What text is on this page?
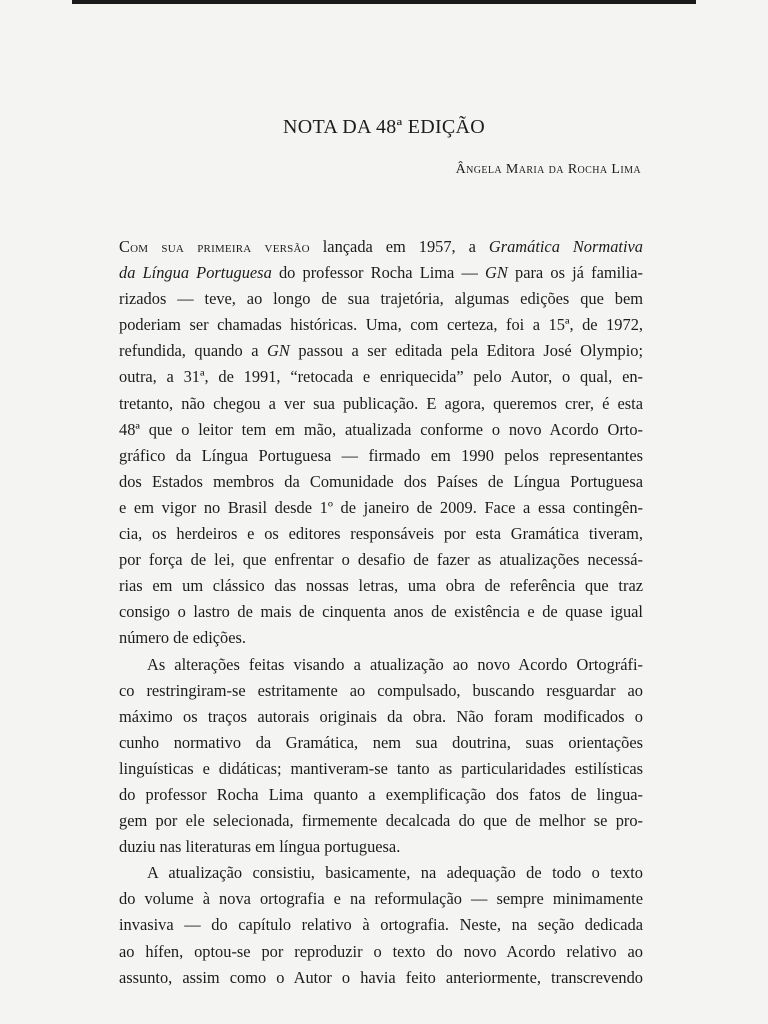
NOTA DA 48ª EDIÇÃO
Ângela Maria da Rocha Lima

Com sua primeira versão lançada em 1957, a Gramática Normativa
da Língua Portuguesa do professor Rocha Lima — GN para os já familia-
rizados — teve, ao longo de sua trajetória, algumas edições que bem
poderiam ser chamadas históricas. Uma, com certeza, foi a 15ª, de 1972,
refundida, quando a GN passou a ser editada pela Editora José Olympio;
outra, a 31ª, de 1991, “retocada e enriquecida” pelo Autor, o qual, en-
tretanto, não chegou a ver sua publicação. E agora, queremos crer, é esta
48ª que o leitor tem em mão, atualizada conforme o novo Acordo Orto-
gráfico da Língua Portuguesa — firmado em 1990 pelos representantes
dos Estados membros da Comunidade dos Países de Língua Portuguesa
e em vigor no Brasil desde 1º de janeiro de 2009. Face a essa contingên-
cia, os herdeiros e os editores responsáveis por esta Gramática tiveram,
por força de lei, que enfrentar o desafio de fazer as atualizações necessá-
rias em um clássico das nossas letras, uma obra de referência que traz
consigo o lastro de mais de cinquenta anos de existência e de quase igual
número de edições.

As alterações feitas visando a atualização ao novo Acordo Ortográfi-
co restringiram-se estritamente ao compulsado, buscando resguardar ao
máximo os traços autorais originais da obra. Não foram modificados o
cunho normativo da Gramática, nem sua doutrina, suas orientações
linguísticas e didáticas; mantiveram-se tanto as particularidades estilísticas
do professor Rocha Lima quanto a exemplificação dos fatos de lingua-
gem por ele selecionada, firmemente decalcada do que de melhor se pro-
duziu nas literaturas em língua portuguesa.

A atualização consistiu, basicamente, na adequação de todo o texto
do volume à nova ortografia e na reformulação — sempre minimamente
invasiva — do capítulo relativo à ortografia. Neste, na seção dedicada
ao hífen, optou-se por reproduzir o texto do novo Acordo relativo ao
assunto, assim como o Autor o havia feito anteriormente, transcrevendo
